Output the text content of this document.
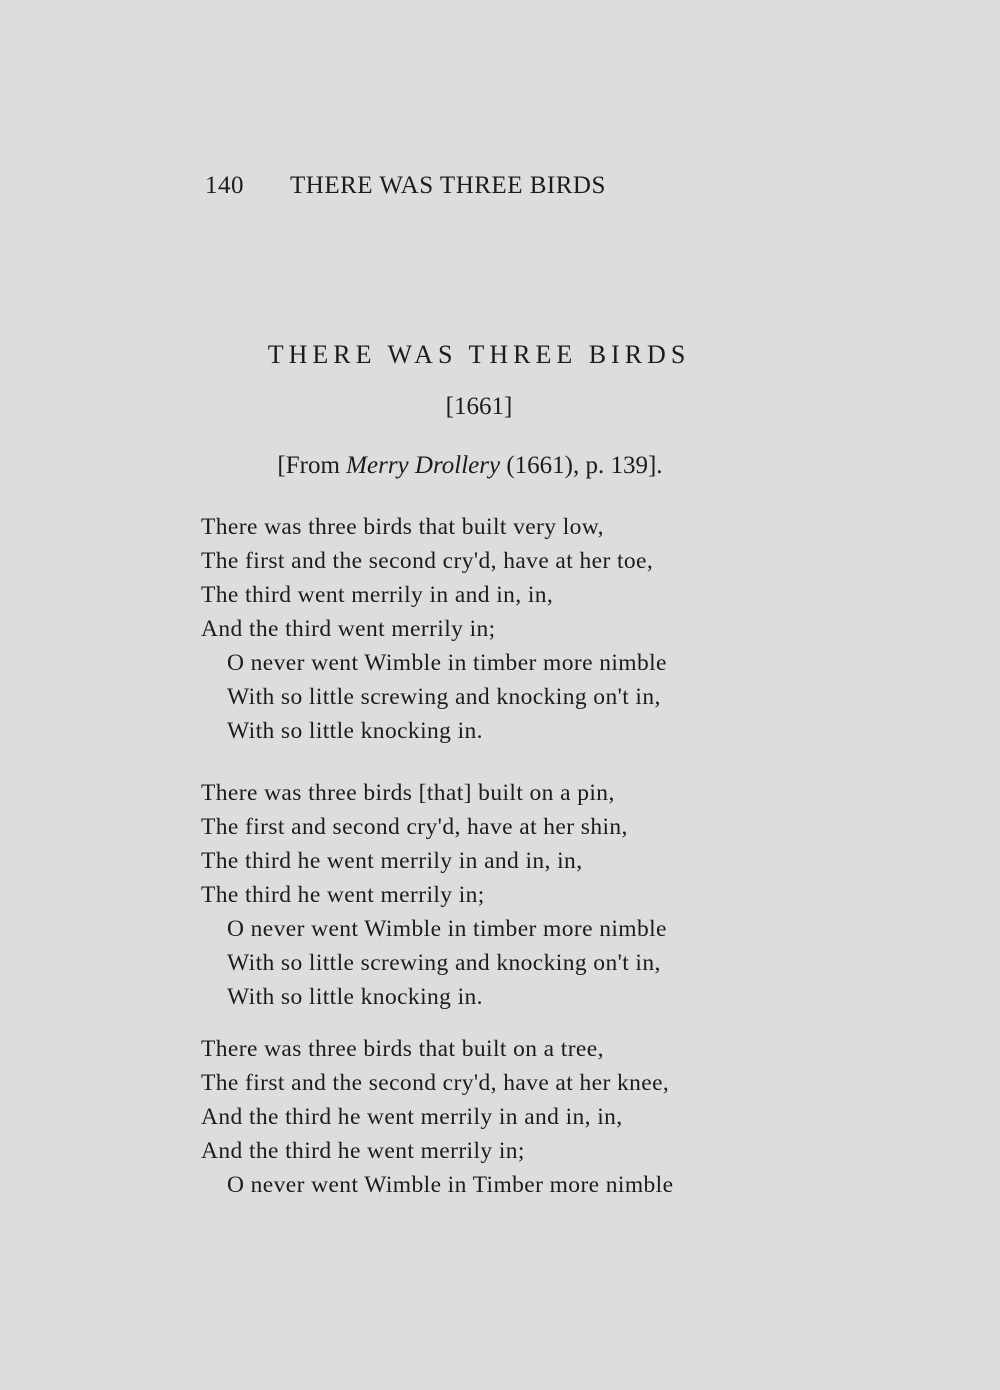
140 THERE WAS THREE BIRDS
THERE WAS THREE BIRDS
[1661]
[From Merry Drollery (1661), p. 139].
There was three birds that built very low,
The first and the second cry'd, have at her toe,
The third went merrily in and in, in,
And the third went merrily in;
O never went Wimble in timber more nimble
With so little screwing and knocking on't in,
With so little knocking in.
There was three birds [that] built on a pin,
The first and second cry'd, have at her shin,
The third he went merrily in and in, in,
The third he went merrily in;
O never went Wimble in timber more nimble
With so little screwing and knocking on't in,
With so little knocking in.
There was three birds that built on a tree,
The first and the second cry'd, have at her knee,
And the third he went merrily in and in, in,
And the third he went merrily in;
O never went Wimble in Timber more nimble
